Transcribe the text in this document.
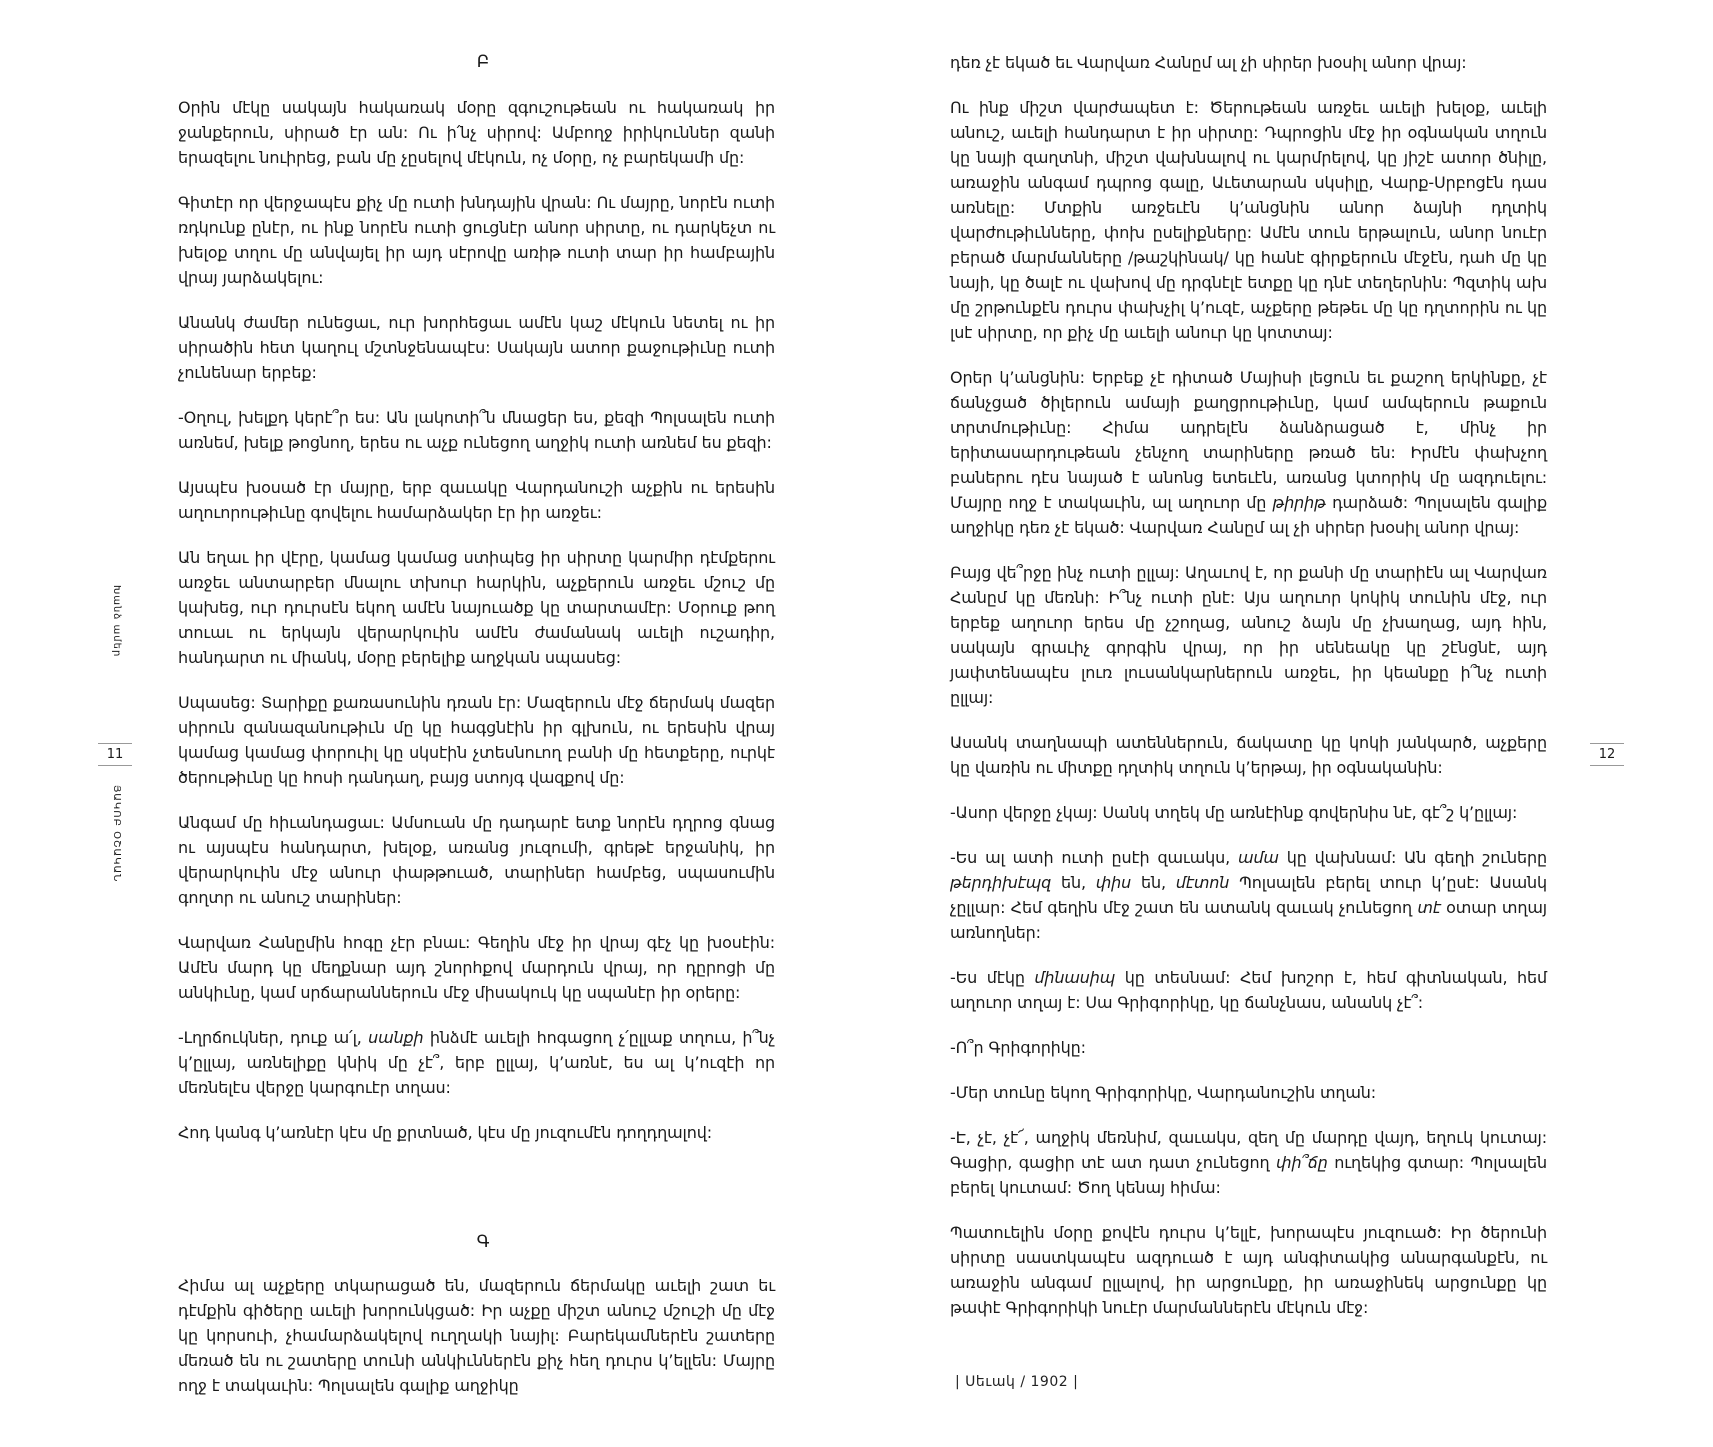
Բ

Օրին մէկը սակայն հակառակ մօրը զգուշութեան ու հակառակ իր ջանքերուն, սիրած էր ան: Ու ի՛նչ սիրով: Ամբողջ իրիկուններ զանի երազելու նուիրեց, բան մը չըսելով մէկուն, ոչ մօրը, ոչ բարեկամի մը:

Գիտէր որ վերջապէս քիչ մը ուտի խնդային վրան: Ու մայրը, նորէն ուտի ռդկունք ընէր, ու ինք նորէն ուտի ցուցնէր անոր սիրտը, ու դարկեչտ ու խելօք տղու մը անվայել իր այդ սէրովը առիթ ուտի տար իր համբային վրայ յարձակելու:

Անանկ ժամեր ունեցաւ, ուր խորհեցաւ ամէն կաշ մէկուն նետել ու իր սիրածին հետ կաղուլ մշտնջենապէս: Սակայն ատոր քաջութիւնը ուտի չունենար երբեք:

-Օղուլ, խելքդ կերէ՞ր ես: Ան լակոտի՞ն մնացեր ես, քեզի Պոլսալեն ուտի առնեմ, խելք թոցնող, երես ու աչք ունեցող աղջիկ ուտի առնեմ ես քեզի:

Այսպէս խօսած էր մայրը, երբ զաւակը Վարդանուշի աչքին ու երեսին աղուորութիւնը գովելու համարձակեր էր իր առջեւ:

Ան եղաւ իր վէրը, կամաց կամաց ստիպեց իր սիրտը կարմիր դէմքերու առջեւ անտարբեր մնալու տխուր հարկին, աչքերուն առջեւ մշուշ մը կախեց, ուր դուրսէն եկող ամէն նայուածք կը տարտամէր: Մօրուք թող տուաւ ու երկայն վերարկուին ամէն ժամանակ աւելի ուշադիր, հանդարտ ու միանկ, մօրը բերելիք աղջկան սպասեց:

Սպասեց: Տարիքը քառասունին դռան էր: Մազերուն մէջ ճերմակ մազեր սիրուն զանազանութիւն մը կը հագցնէին իր գլխուն, ու երեսին վրայ կամաց կամաց փորուիլ կը սկսէին չտեսնուող բանի մը հետքերը, ուրկէ ծերութիւնը կը հոսի դանդաղ, բայց ստոյգ վազքով մը:

Անգամ մը հիւանդացաւ: Ամսուան մը դադարէ ետք նորէն դղրոց գնաց ու այսպէս հանդարտ, խելօք, առանց յուզումի, գրեթէ երջանիկ, իր վերարկուին մէջ անուր փաթթուած, տարիներ համբեց, սպասումին գողտր ու անուշ տարիներ:

Վարվառ Հանըմին հոգը չէր բնաւ: Գեղին մէջ իր վրայ գէչ կը խօսէին: Ամէն մարդ կը մեղքնար այդ շնորհքով մարդուն վրայ, որ դըրոցի մը անկիւնը, կամ սրճարաններուն մէջ միսակուկ կը սպանէր իր օրերը:

-Լղրճուկներ, դուք ա՛լ, սանքի ինձմէ աւելի հոգացող չ՛ըլլաք տղուս, ի՞նչ կ’ըլլայ, առնելիքը կնիկ մը չէ՞, երբ ըլլայ, կ’առնէ, ես ալ կ’ուզէի որ մեռնելէս վերջը կարգուէր տղաս:

Հոդ կանգ կ’առնէր կէս մը քրտնած, կէս մը յուզումէն դողդղալով:

Գ

Հիմա ալ աչքերը տկարացած են, մազերուն ճերմակը աւելի շատ եւ դէմքին գիծերը աւելի խորունկցած: Իր աչքը միշտ անուշ մշուշի մը մէջ կը կորսուի, չհամարձակելով ուղղակի նայիլ: Բարեկամներէն շատերը մեռած են ու շատերը տունի անկիւններէն քիչ հեղ դուրս կ’ելլեն: Մայրը ողջ է տակաւին: Պոլսալեն գալիք աղջիկը

Խանձ ամեր
11
ՅԱԿՈԲ ՕՇԱԿԱՆ

դեռ չէ եկած եւ Վարվառ Հանըմ ալ չի սիրեր խօսիլ անոր վրայ:

Ու ինք միշտ վարժապետ է: Ծերութեան առջեւ աւելի խելօք, աւելի անուշ, աւելի հանդարտ է իր սիրտը: Դպրոցին մէջ իր օգնական տղուն կը նայի զաղտնի, միշտ վախնալով ու կարմրելով, կը յիշէ ատոր ծնիլը, առաջին անգամ դպրոց գալը, Աւետարան սկսիլը, Վարք-Սրբոցէն դաս առնելը: Մտքին առջեւէն կ’անցնին անոր ձայնի դղտիկ վարժութիւնները, փոխ ըսելիքները: Ամէն տուն երթալուն, անոր նուէր բերած մարմանները /թաշկինակ/ կը հանէ գիրքերուն մէջէն, դահ մը կը նայի, կը ծալէ ու վախով մը դրգնէլէ ետքը կը դնէ տեղերնին: Պզտիկ ախ մը շրթունքէն դուրս փախչիլ կ’ուզէ, աչքերը թեթեւ մը կը դղտորին ու կը լսէ սիրտը, որ քիչ մը աւելի անուր կը կոտտայ:

Օրեր կ’անցնին: Երբեք չէ դիտած Մայիսի լեցուն եւ քաշող երկինքը, չէ ճանչցած ծիլերուն ամայի քաղցրութիւնը, կամ ամպերուն թաքուն տրտմութիւնը: Հիմա ադրելէն ձանձրացած է, մինչ իր երիտասարդութեան չենչող տարիները թռած են: Իրմէն փախչող բաներու դէս նայած է անոնց ետեւէն, առանց կտորիկ մը ազդուելու: Մայրը ողջ է տակաւին, ալ աղուոր մը թիրիթ դարձած: Պոլսալեն գալիք աղջիկը դեռ չէ եկած: Վարվառ Հանըմ ալ չի սիրեր խօսիլ անոր վրայ:

Բայց վե՞րջը ինչ ուտի ըլլայ: Աղաւով է, որ քանի մը տարիէն ալ Վարվառ Հանըմ կը մեռնի: Ի՞նչ ուտի ընէ: Այս աղուոր կոկիկ տունին մէջ, ուր երբեք աղուոր երես մը չշողաց, անուշ ձայն մը չխաղաց, այդ հին, սակայն գրաւիչ գորգին վրայ, որ իր սենեակը կը շէնցնէ, այդ յափտենապէս լուռ լուսանկարներուն առջեւ, իր կեանքը ի՞նչ ուտի ըլլայ:

Ասանկ տաղնապի ատեններուն, ճակատը կը կոկի յանկարծ, աչքերը կը վառին ու միտքը դղտիկ տղուն կ’երթայ, իր օգնականին:

-Ասոր վերջը չկայ: Սանկ տղեկ մը առնէինք գովերնիս նէ, գէ՞շ կ’ըլլայ:

-Ես ալ ատի ուտի ըսէի զաւակս, ամա կը վախնամ: Ան գեղի շուները թերդիխէպզ են, փիս են, մէտոն Պոլսալեն բերել տուր կ’ըսէ: Ասանկ չըլլար: Հեմ գեղին մէջ շատ են ատանկ զաւակ չունեցող տէ օտար տղայ առնողներ:

-Ես մէկը մինասիպ կը տեսնամ: Հեմ խոշոր է, հեմ գիտնական, հեմ աղուոր տղայ է: Սա Գրիգորիկը, կը ճանչնաս, անանկ չէ՞:

-Ո՞ր Գրիգորիկը:

-Մեր տունը եկող Գրիգորիկը, Վարդանուշին տղան:

-Է, չէ, չէ՜, աղջիկ մեռնիմ, զաւակս, զեղ մը մարդը վայդ, եղուկ կուտայ: Գացիր, գացիր տէ ատ դատ չունեցող փի՞ճը ուղեկից գտար: Պոլսալեն բերել կուտամ: Ծող կենայ հիմա:

Պատուելին մօրը քովէն դուրս կ’ելլէ, խորապէս յուզուած: Իր ծերունի սիրտը սաստկապէս ազդուած է այդ անգիտակից անարգանքէն, ու առաջին անգամ ըլլալով, իր արցունքը, իր առաջինեկ արցունքը կը թափէ Գրիգորիկի նուէր մարմաններէն մէկուն մէջ:

| Սեւակ / 1902 |
12
